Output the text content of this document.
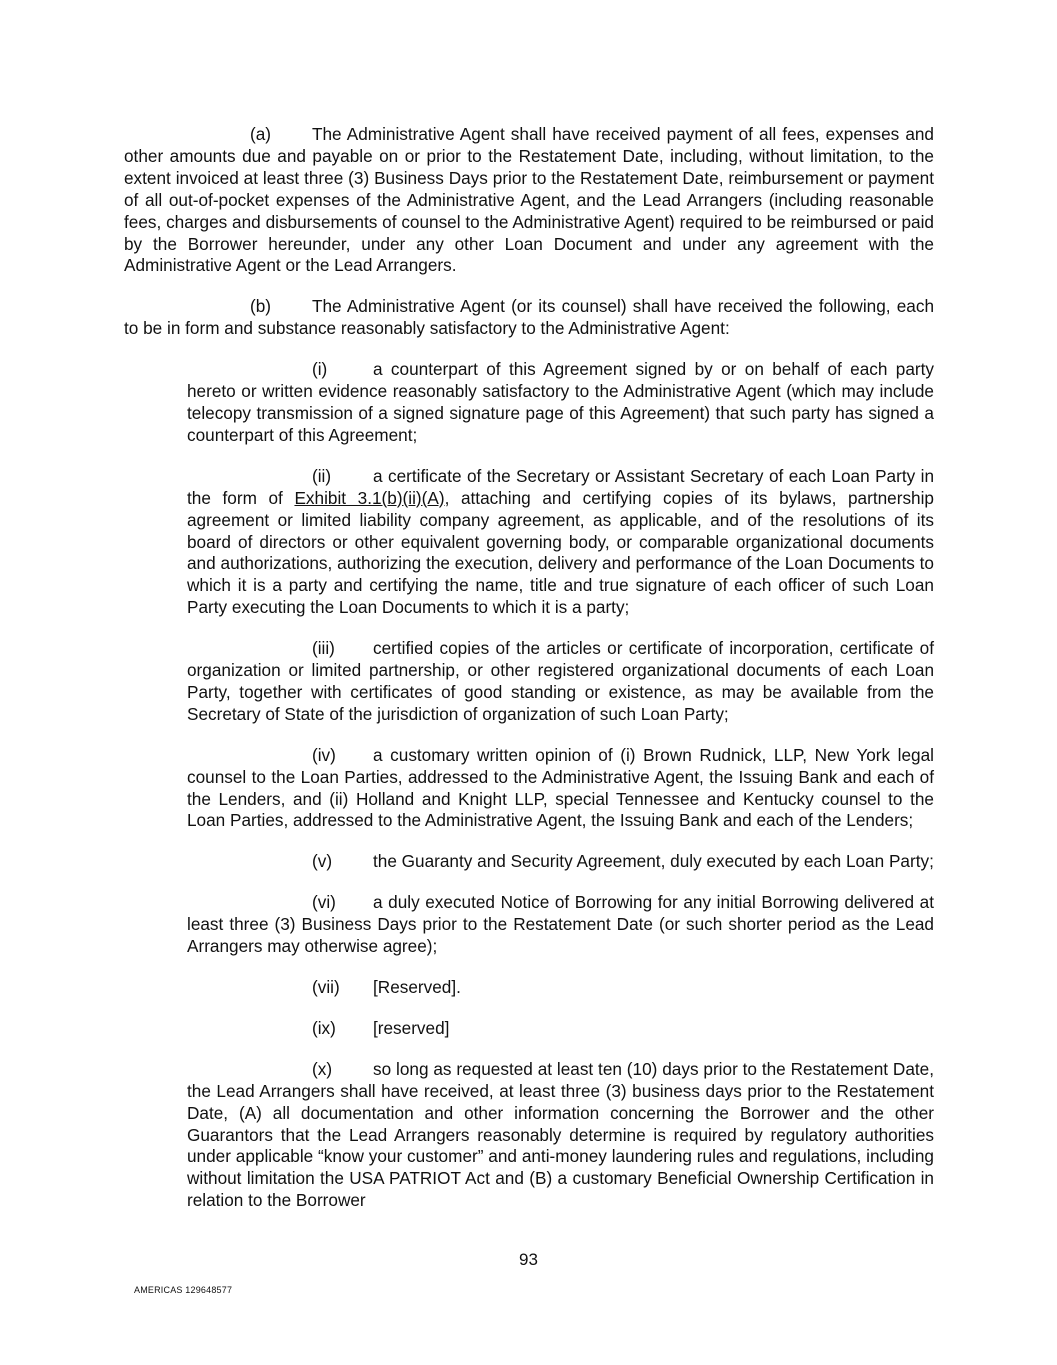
(a) The Administrative Agent shall have received payment of all fees, expenses and other amounts due and payable on or prior to the Restatement Date, including, without limitation, to the extent invoiced at least three (3) Business Days prior to the Restatement Date, reimbursement or payment of all out-of-pocket expenses of the Administrative Agent, and the Lead Arrangers (including reasonable fees, charges and disbursements of counsel to the Administrative Agent) required to be reimbursed or paid by the Borrower hereunder, under any other Loan Document and under any agreement with the Administrative Agent or the Lead Arrangers.

(b) The Administrative Agent (or its counsel) shall have received the following, each to be in form and substance reasonably satisfactory to the Administrative Agent:

(i)	a counterpart of this Agreement signed by or on behalf of each party hereto or written evidence reasonably satisfactory to the Administrative Agent (which may include telecopy transmission of a signed signature page of this Agreement) that such party has signed a counterpart of this Agreement;

(ii) a certificate of the Secretary or Assistant Secretary of each Loan Party in the form of Exhibit 3.1(b)(ii)(A), attaching and certifying copies of its bylaws, partnership agreement or limited liability company agreement, as applicable, and of the resolutions of its board of directors or other equivalent governing body, or comparable organizational documents and authorizations, authorizing the execution, delivery and performance of the Loan Documents to which it is a party and certifying the name, title and true signature of each officer of such Loan Party executing the Loan Documents to which it is a party;

(iii) certified copies of the articles or certificate of incorporation, certificate of organization or limited partnership, or other registered organizational documents of each Loan Party, together with certificates of good standing or existence, as may be available from the Secretary of State of the jurisdiction of organization of such Loan Party;

(iv) a customary written opinion of (i) Brown Rudnick, LLP, New York legal counsel to the Loan Parties, addressed to the Administrative Agent, the Issuing Bank and each of the Lenders, and (ii) Holland and Knight LLP, special Tennessee and Kentucky counsel to the Loan Parties, addressed to the Administrative Agent, the Issuing Bank and each of the Lenders;

(v) the Guaranty and Security Agreement, duly executed by each Loan Party;

(vi) a duly executed Notice of Borrowing for any initial Borrowing delivered at least three (3) Business Days prior to the Restatement Date (or such shorter period as the Lead Arrangers may otherwise agree);

(vii) [Reserved].

(ix) [reserved]

(x) so long as requested at least ten (10) days prior to the Restatement Date, the Lead Arrangers shall have received, at least three (3) business days prior to the Restatement Date, (A) all documentation and other information concerning the Borrower and the other Guarantors that the Lead Arrangers reasonably determine is required by regulatory authorities under applicable “know your customer” and anti-money laundering rules and regulations, including without limitation the USA PATRIOT Act and (B) a customary Beneficial Ownership Certification in relation to the Borrower

93
AMERICAS 129648577
